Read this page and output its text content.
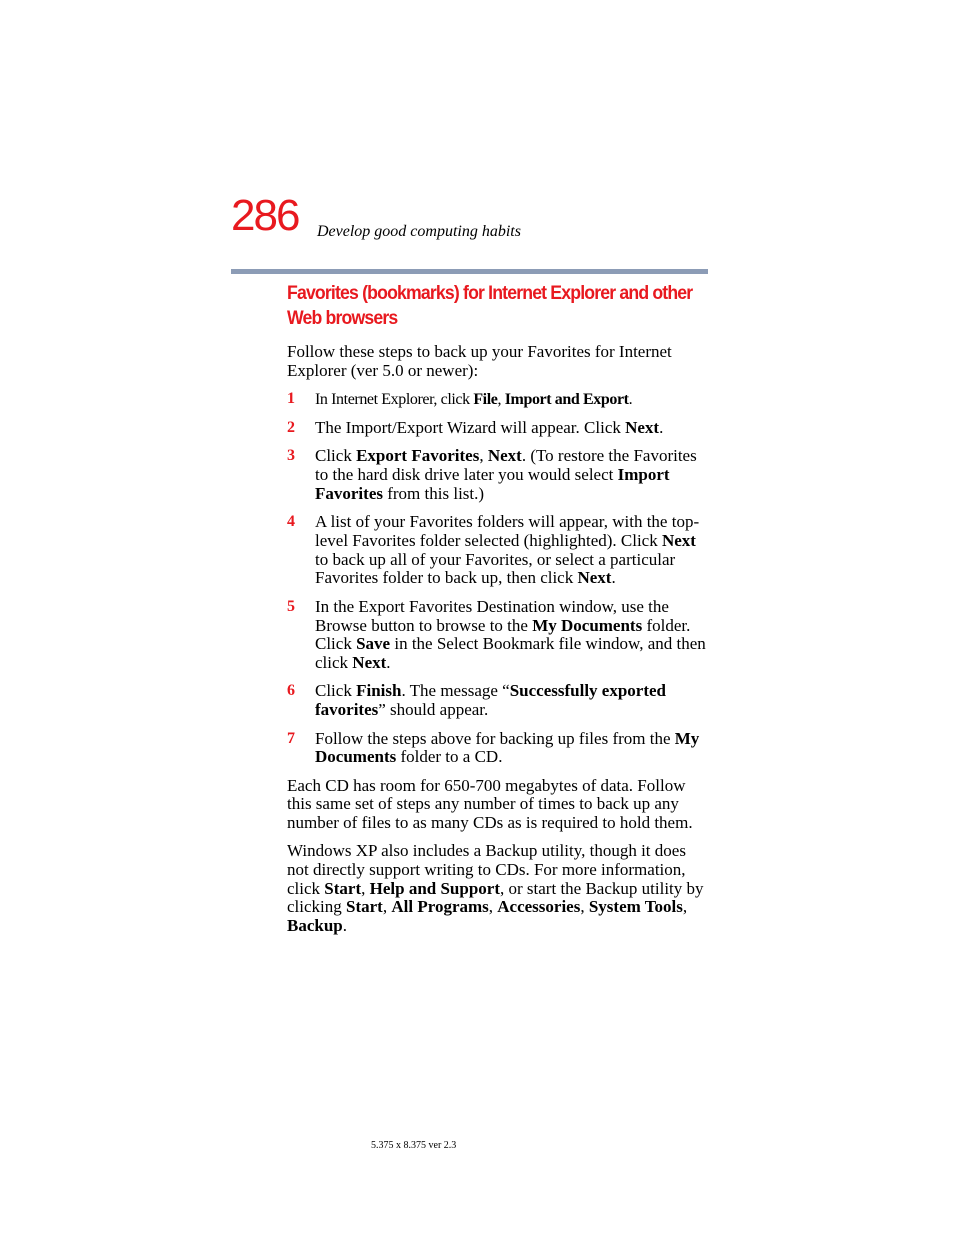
286 Develop good computing habits
Favorites (bookmarks) for Internet Explorer and other Web browsers

Follow these steps to back up your Favorites for Internet Explorer (ver 5.0 or newer):

1 In Internet Explorer, click File, Import and Export.
2 The Import/Export Wizard will appear. Click Next.
3 Click Export Favorites, Next. (To restore the Favorites to the hard disk drive later you would select Import Favorites from this list.)
4 A list of your Favorites folders will appear, with the top-level Favorites folder selected (highlighted). Click Next to back up all of your Favorites, or select a particular Favorites folder to back up, then click Next.
5 In the Export Favorites Destination window, use the Browse button to browse to the My Documents folder. Click Save in the Select Bookmark file window, and then click Next.
6 Click Finish. The message “Successfully exported favorites” should appear.
7 Follow the steps above for backing up files from the My Documents folder to a CD.

Each CD has room for 650-700 megabytes of data. Follow this same set of steps any number of times to back up any number of files to as many CDs as is required to hold them.

Windows XP also includes a Backup utility, though it does not directly support writing to CDs. For more information, click Start, Help and Support, or start the Backup utility by clicking Start, All Programs, Accessories, System Tools, Backup.

5.375 x 8.375 ver 2.3
